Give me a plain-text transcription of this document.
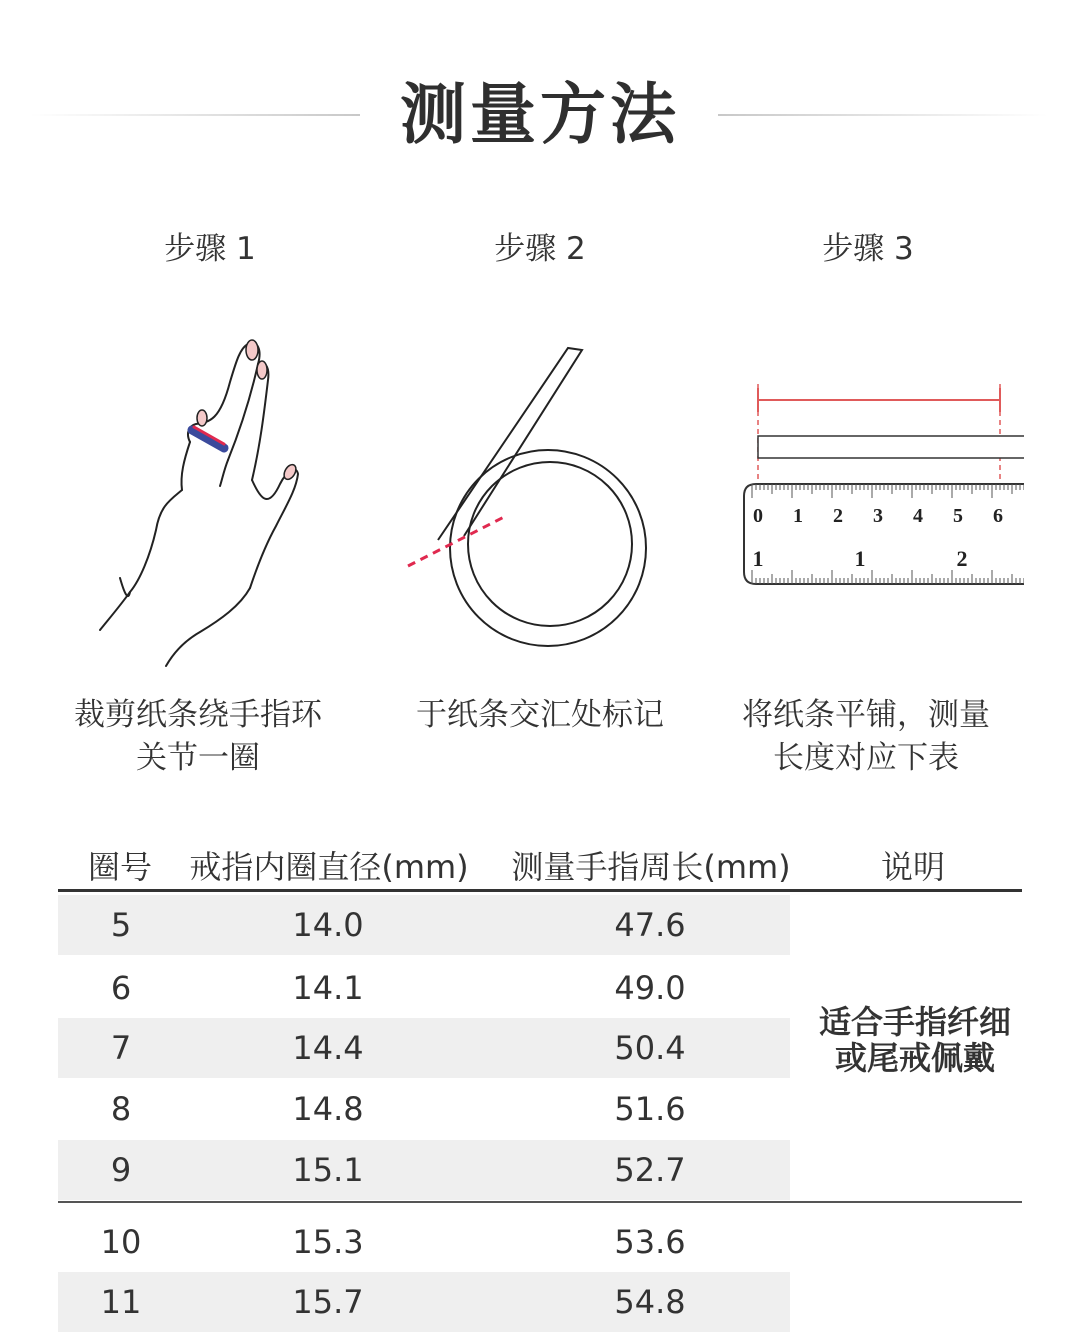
测量方法
步骤 1	步骤 2	步骤 3
0 1 2 3 4 5 6
1	1	2
裁剪纸条绕手指环
关节一圈
于纸条交汇处标记	将纸条平铺，测量
长度对应下表
圈号	戒指内圈直径(mm)	测量手指周长(mm)	说明
5	14.0	47.6
6	14.1	49.0
7	14.4	50.4
8	14.8	51.6
9	15.1	52.7
10	15.3	53.6
11	15.7	54.8
适合手指纤细
或尾戒佩戴
